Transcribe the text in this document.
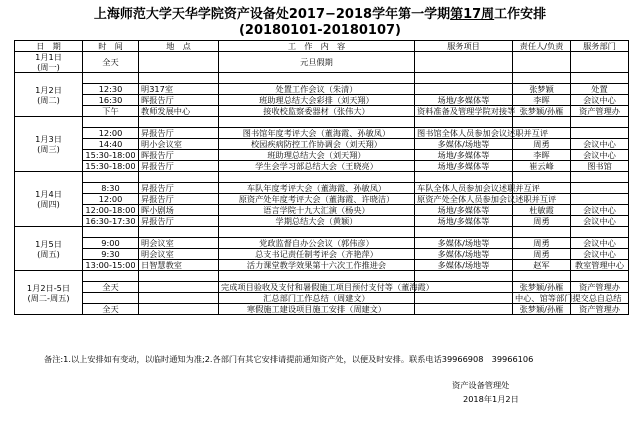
上海师范大学天华学院资产设备处2017−2018学年第一学期第17周工作安排
(20180101-20180107)
日　期	时　间	地　点	工　作　内　容	服务项目	责任人/负责	服务部门
1月1日
(周一)	全天		元旦假期			
1月2日
(周二)						
	12:30	明317室	处置工作会议（朱清）		张梦颖	处置
	16:30	晖报告厅	班助理总结大会彩排（刘天翔）	场地/多媒体等	李晖	会议中心
	下午	教师发展中心	接收校监察委器材（张伟大）	资料准备及管理学院对接等	张梦颖/孙雁	资产管理办
1月3日
(周三)						
	12:00	昇报告厅	图书馆年度考评大会（董海霞、孙敏凤）	图书馆全体人员参加会议述职并互评		
	14:40	明小会议室	校园疾病防控工作协调会（刘天翔）	多媒体/场地等	周勇	会议中心
	15:30-18:00	晖报告厅	班助理总结大会（刘天翔）	场地/多媒体等	李晖	会议中心
	15:30-18:00	昇报告厅	学生会学习部总结大会（王晓亮）	场地/多媒体等	崔云峰	图书馆
1月4日
(周四)						
	8:30	昇报告厅	车队年度考评大会（董海霞、孙敏凤）	车队全体人员参加会议述职并互评		
	12:00	昇报告厅	原资产处年度考评大会（董海霞、许晓洁）	原资产处全体人员参加会议述职并互评		
	12:00-18:00	晖小剧场	语言学院十九大汇演（杨央）	场地/多媒体等	杜敏霞	会议中心
	16:30-17:30	昇报告厅	学期总结大会（黄颖）	场地/多媒体等	周勇	会议中心
1月5日
(周五)						
	9:00	明会议室	党政监督自办公会议（郭伟彦）	多媒体/场地等	周勇	会议中心
	9:30	明会议室	总支书记责任制考评会（齐艳萍）	多媒体/场地等	周勇	会议中心
	13:00-15:00	日智慧教室	活力课堂教学效果第十六次工作推进会	多媒体/场地等	赵军	教室管理中心
1月2日-5日
(周二-周五)						
	全天		完成项目验收及支付和暑假施工项目预付支付等（董海霞）		张梦颖/孙雁	资产管理办
			汇总部门工作总结（周建文）		中心、馆等部门提交总自总结	
	全天		寒假施工建设项目施工安排（周建文）		张梦颖/孙雁	资产管理办
备注:1.以上安排如有变动，以临时通知为准;2.各部门有其它安排请提前通知资产处，以便及时安排。联系电话39966908　39966106
资产设备管理处
2018年1月2日
